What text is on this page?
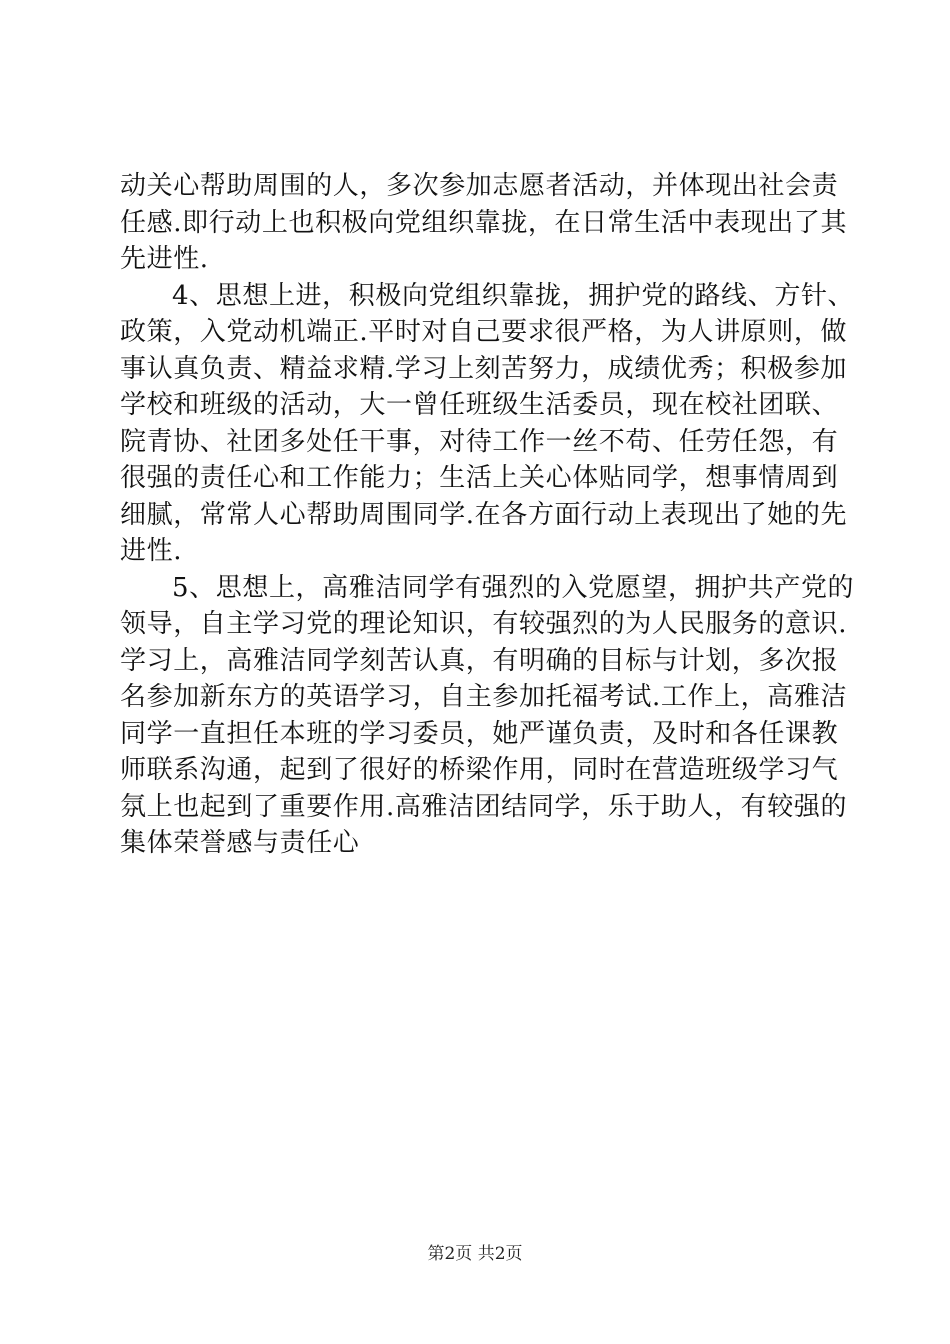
动关心帮助周围的人，多次参加志愿者活动，并体现出社会责
任感.即行动上也积极向党组织靠拢，在日常生活中表现出了其
先进性.
4、思想上进，积极向党组织靠拢，拥护党的路线、方针、
政策，入党动机端正.平时对自己要求很严格，为人讲原则，做
事认真负责、精益求精.学习上刻苦努力，成绩优秀；积极参加
学校和班级的活动，大一曾任班级生活委员，现在校社团联、
院青协、社团多处任干事，对待工作一丝不苟、任劳任怨，有
很强的责任心和工作能力；生活上关心体贴同学，想事情周到
细腻，常常人心帮助周围同学.在各方面行动上表现出了她的先
进性.
5、思想上，高雅洁同学有强烈的入党愿望，拥护共产党的
领导，自主学习党的理论知识，有较强烈的为人民服务的意识.
学习上，高雅洁同学刻苦认真，有明确的目标与计划，多次报
名参加新东方的英语学习，自主参加托福考试.工作上，高雅洁
同学一直担任本班的学习委员，她严谨负责，及时和各任课教
师联系沟通，起到了很好的桥梁作用，同时在营造班级学习气
氛上也起到了重要作用.高雅洁团结同学，乐于助人，有较强的
集体荣誉感与责任心
第2页 共2页
